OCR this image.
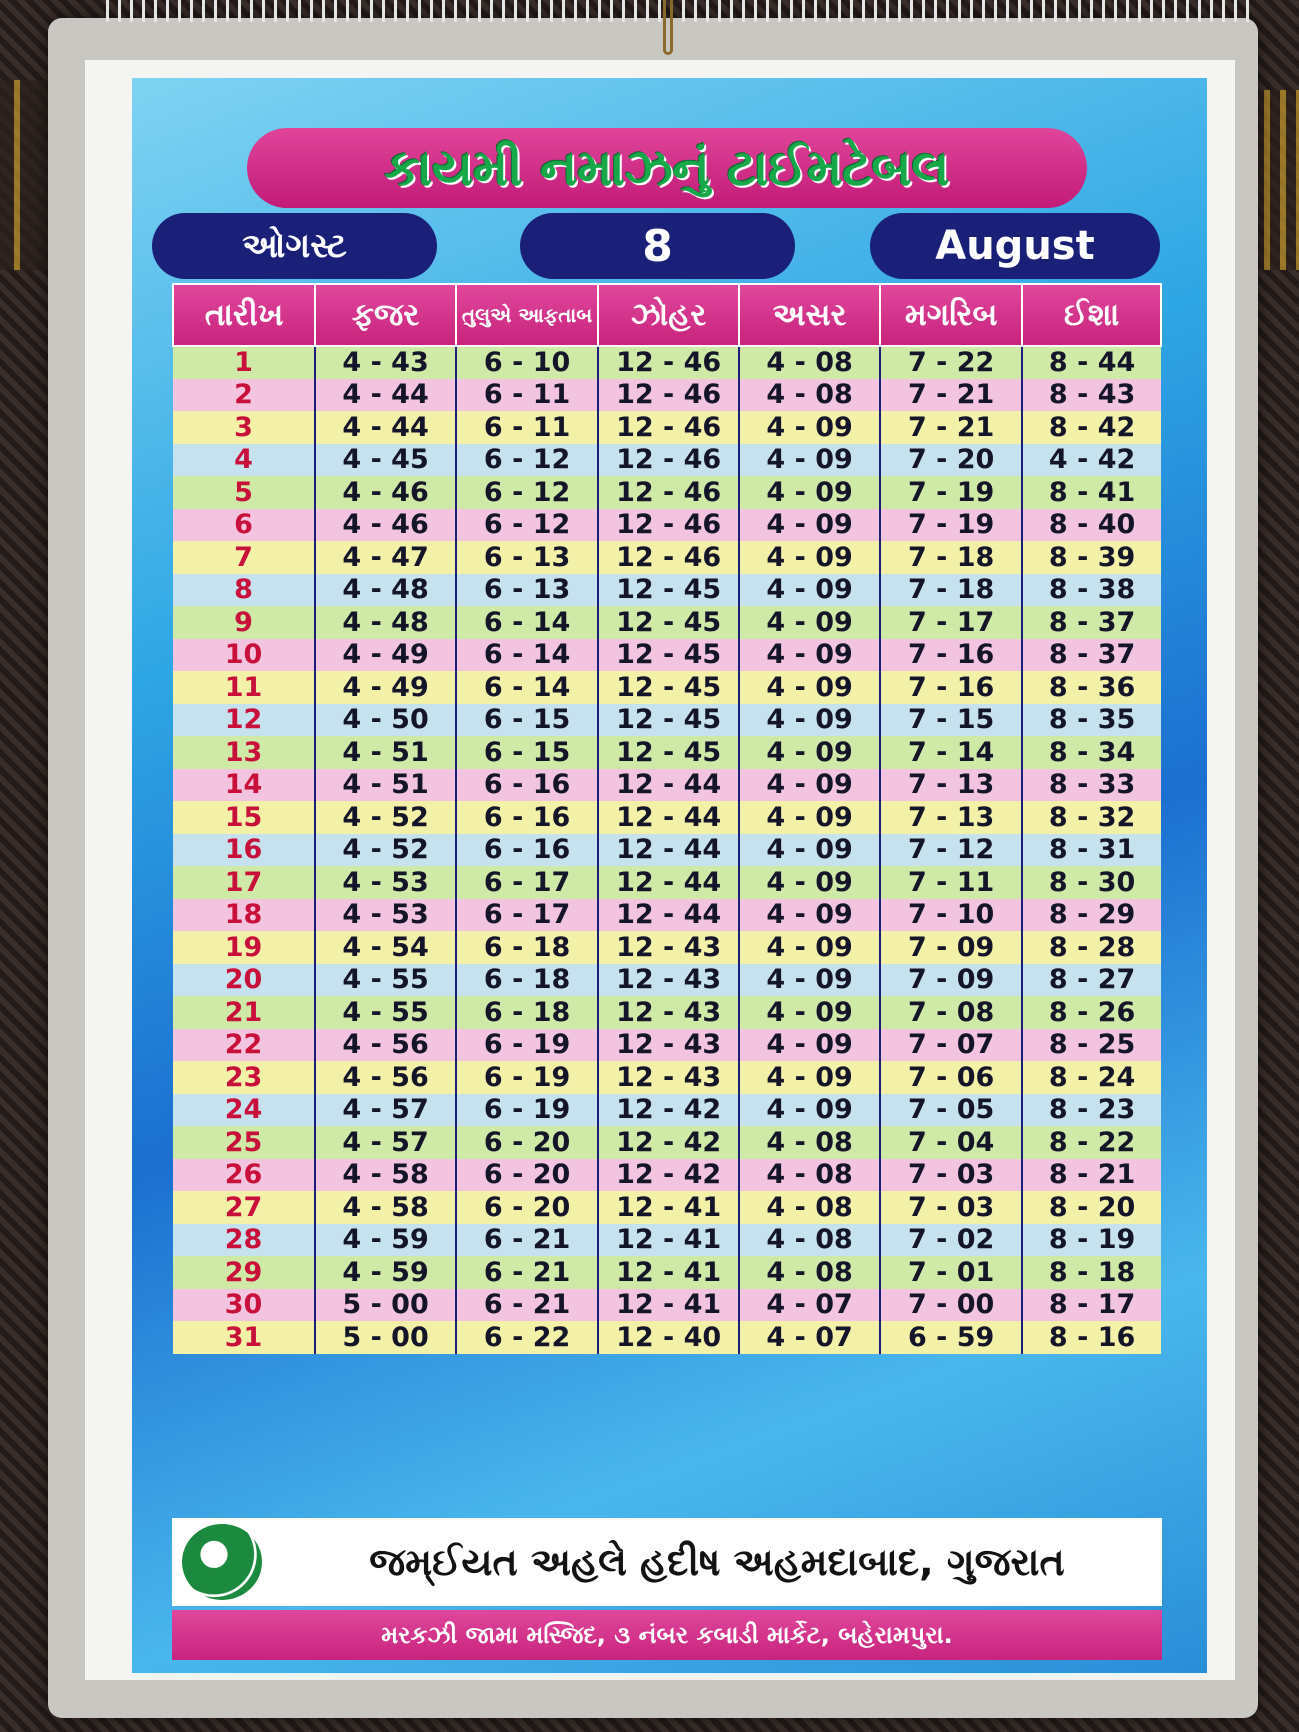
કાયમી નમાઝનું ટાઈમટેબલ
ઓગસ્ટ	8	August
તારીખ	ફજર	તુલુએ આફતાબ	ઝોહર	અસર	મગરિબ	ઈશા
1	4 - 43	6 - 10	12 - 46	4 - 08	7 - 22	8 - 44
2	4 - 44	6 - 11	12 - 46	4 - 08	7 - 21	8 - 43
3	4 - 44	6 - 11	12 - 46	4 - 09	7 - 21	8 - 42
4	4 - 45	6 - 12	12 - 46	4 - 09	7 - 20	4 - 42
5	4 - 46	6 - 12	12 - 46	4 - 09	7 - 19	8 - 41
6	4 - 46	6 - 12	12 - 46	4 - 09	7 - 19	8 - 40
7	4 - 47	6 - 13	12 - 46	4 - 09	7 - 18	8 - 39
8	4 - 48	6 - 13	12 - 45	4 - 09	7 - 18	8 - 38
9	4 - 48	6 - 14	12 - 45	4 - 09	7 - 17	8 - 37
10	4 - 49	6 - 14	12 - 45	4 - 09	7 - 16	8 - 37
11	4 - 49	6 - 14	12 - 45	4 - 09	7 - 16	8 - 36
12	4 - 50	6 - 15	12 - 45	4 - 09	7 - 15	8 - 35
13	4 - 51	6 - 15	12 - 45	4 - 09	7 - 14	8 - 34
14	4 - 51	6 - 16	12 - 44	4 - 09	7 - 13	8 - 33
15	4 - 52	6 - 16	12 - 44	4 - 09	7 - 13	8 - 32
16	4 - 52	6 - 16	12 - 44	4 - 09	7 - 12	8 - 31
17	4 - 53	6 - 17	12 - 44	4 - 09	7 - 11	8 - 30
18	4 - 53	6 - 17	12 - 44	4 - 09	7 - 10	8 - 29
19	4 - 54	6 - 18	12 - 43	4 - 09	7 - 09	8 - 28
20	4 - 55	6 - 18	12 - 43	4 - 09	7 - 09	8 - 27
21	4 - 55	6 - 18	12 - 43	4 - 09	7 - 08	8 - 26
22	4 - 56	6 - 19	12 - 43	4 - 09	7 - 07	8 - 25
23	4 - 56	6 - 19	12 - 43	4 - 09	7 - 06	8 - 24
24	4 - 57	6 - 19	12 - 42	4 - 09	7 - 05	8 - 23
25	4 - 57	6 - 20	12 - 42	4 - 08	7 - 04	8 - 22
26	4 - 58	6 - 20	12 - 42	4 - 08	7 - 03	8 - 21
27	4 - 58	6 - 20	12 - 41	4 - 08	7 - 03	8 - 20
28	4 - 59	6 - 21	12 - 41	4 - 08	7 - 02	8 - 19
29	4 - 59	6 - 21	12 - 41	4 - 08	7 - 01	8 - 18
30	5 - 00	6 - 21	12 - 41	4 - 07	7 - 00	8 - 17
31	5 - 00	6 - 22	12 - 40	4 - 07	6 - 59	8 - 16
જમ્ઈયત અહલે હદીષ અહમદાબાદ, ગુજરાત
મરકઝી જામા મસ્જિદ, ૩ નંબર કબાડી માર્કેટ, બહેરામપુરા.
